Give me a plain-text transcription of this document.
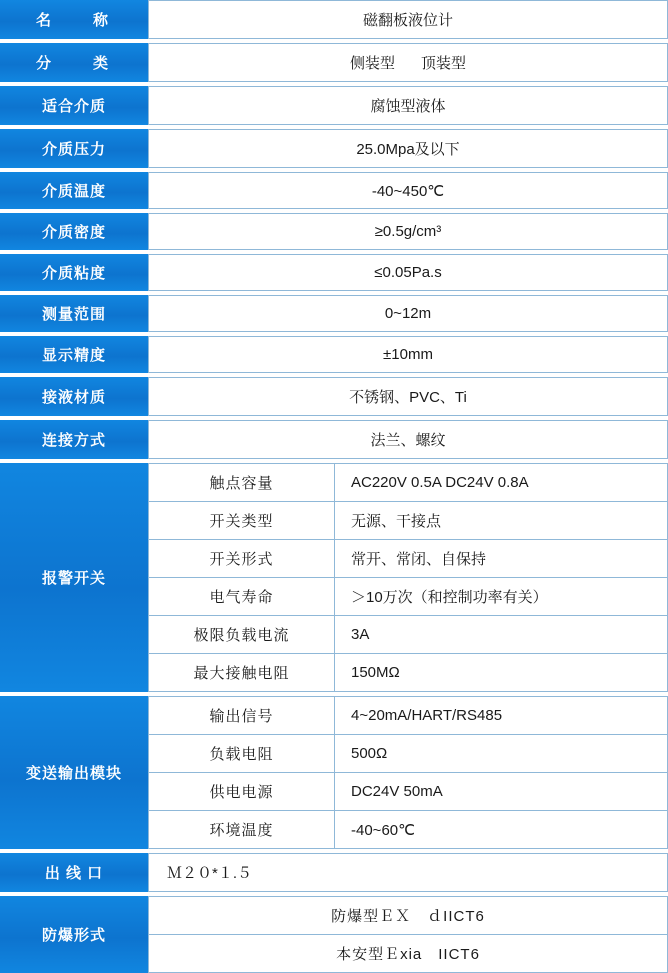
名　　称	磁翻板液位计
分　　类	侧装型 顶装型
适合介质	腐蚀型液体
介质压力	25.0Mpa及以下
介质温度	-40~450℃
介质密度	≥0.5g/cm³
介质粘度	≤0.05Pa.s
测量范围	0~12m
显示精度	±10mm
接液材质	不锈钢、PVC、Ti
连接方式	法兰、螺纹
报警开关
触点容量	AC220V 0.5A DC24V 0.8A
开关类型	无源、干接点
开关形式	常开、常闭、自保持
电气寿命	＞10万次（和控制功率有关）
极限负载电流	3A
最大接触电阻	150MΩ
变送输出模块
输出信号	4~20mA/HART/RS485
负载电阻	500Ω
供电电源	DC24V 50mA
环境温度	-40~60℃
出 线 口	Ｍ２０*１.５
防爆形式
防爆型ＥＸ　ｄIICT6
本安型Ｅxia　IICT6
